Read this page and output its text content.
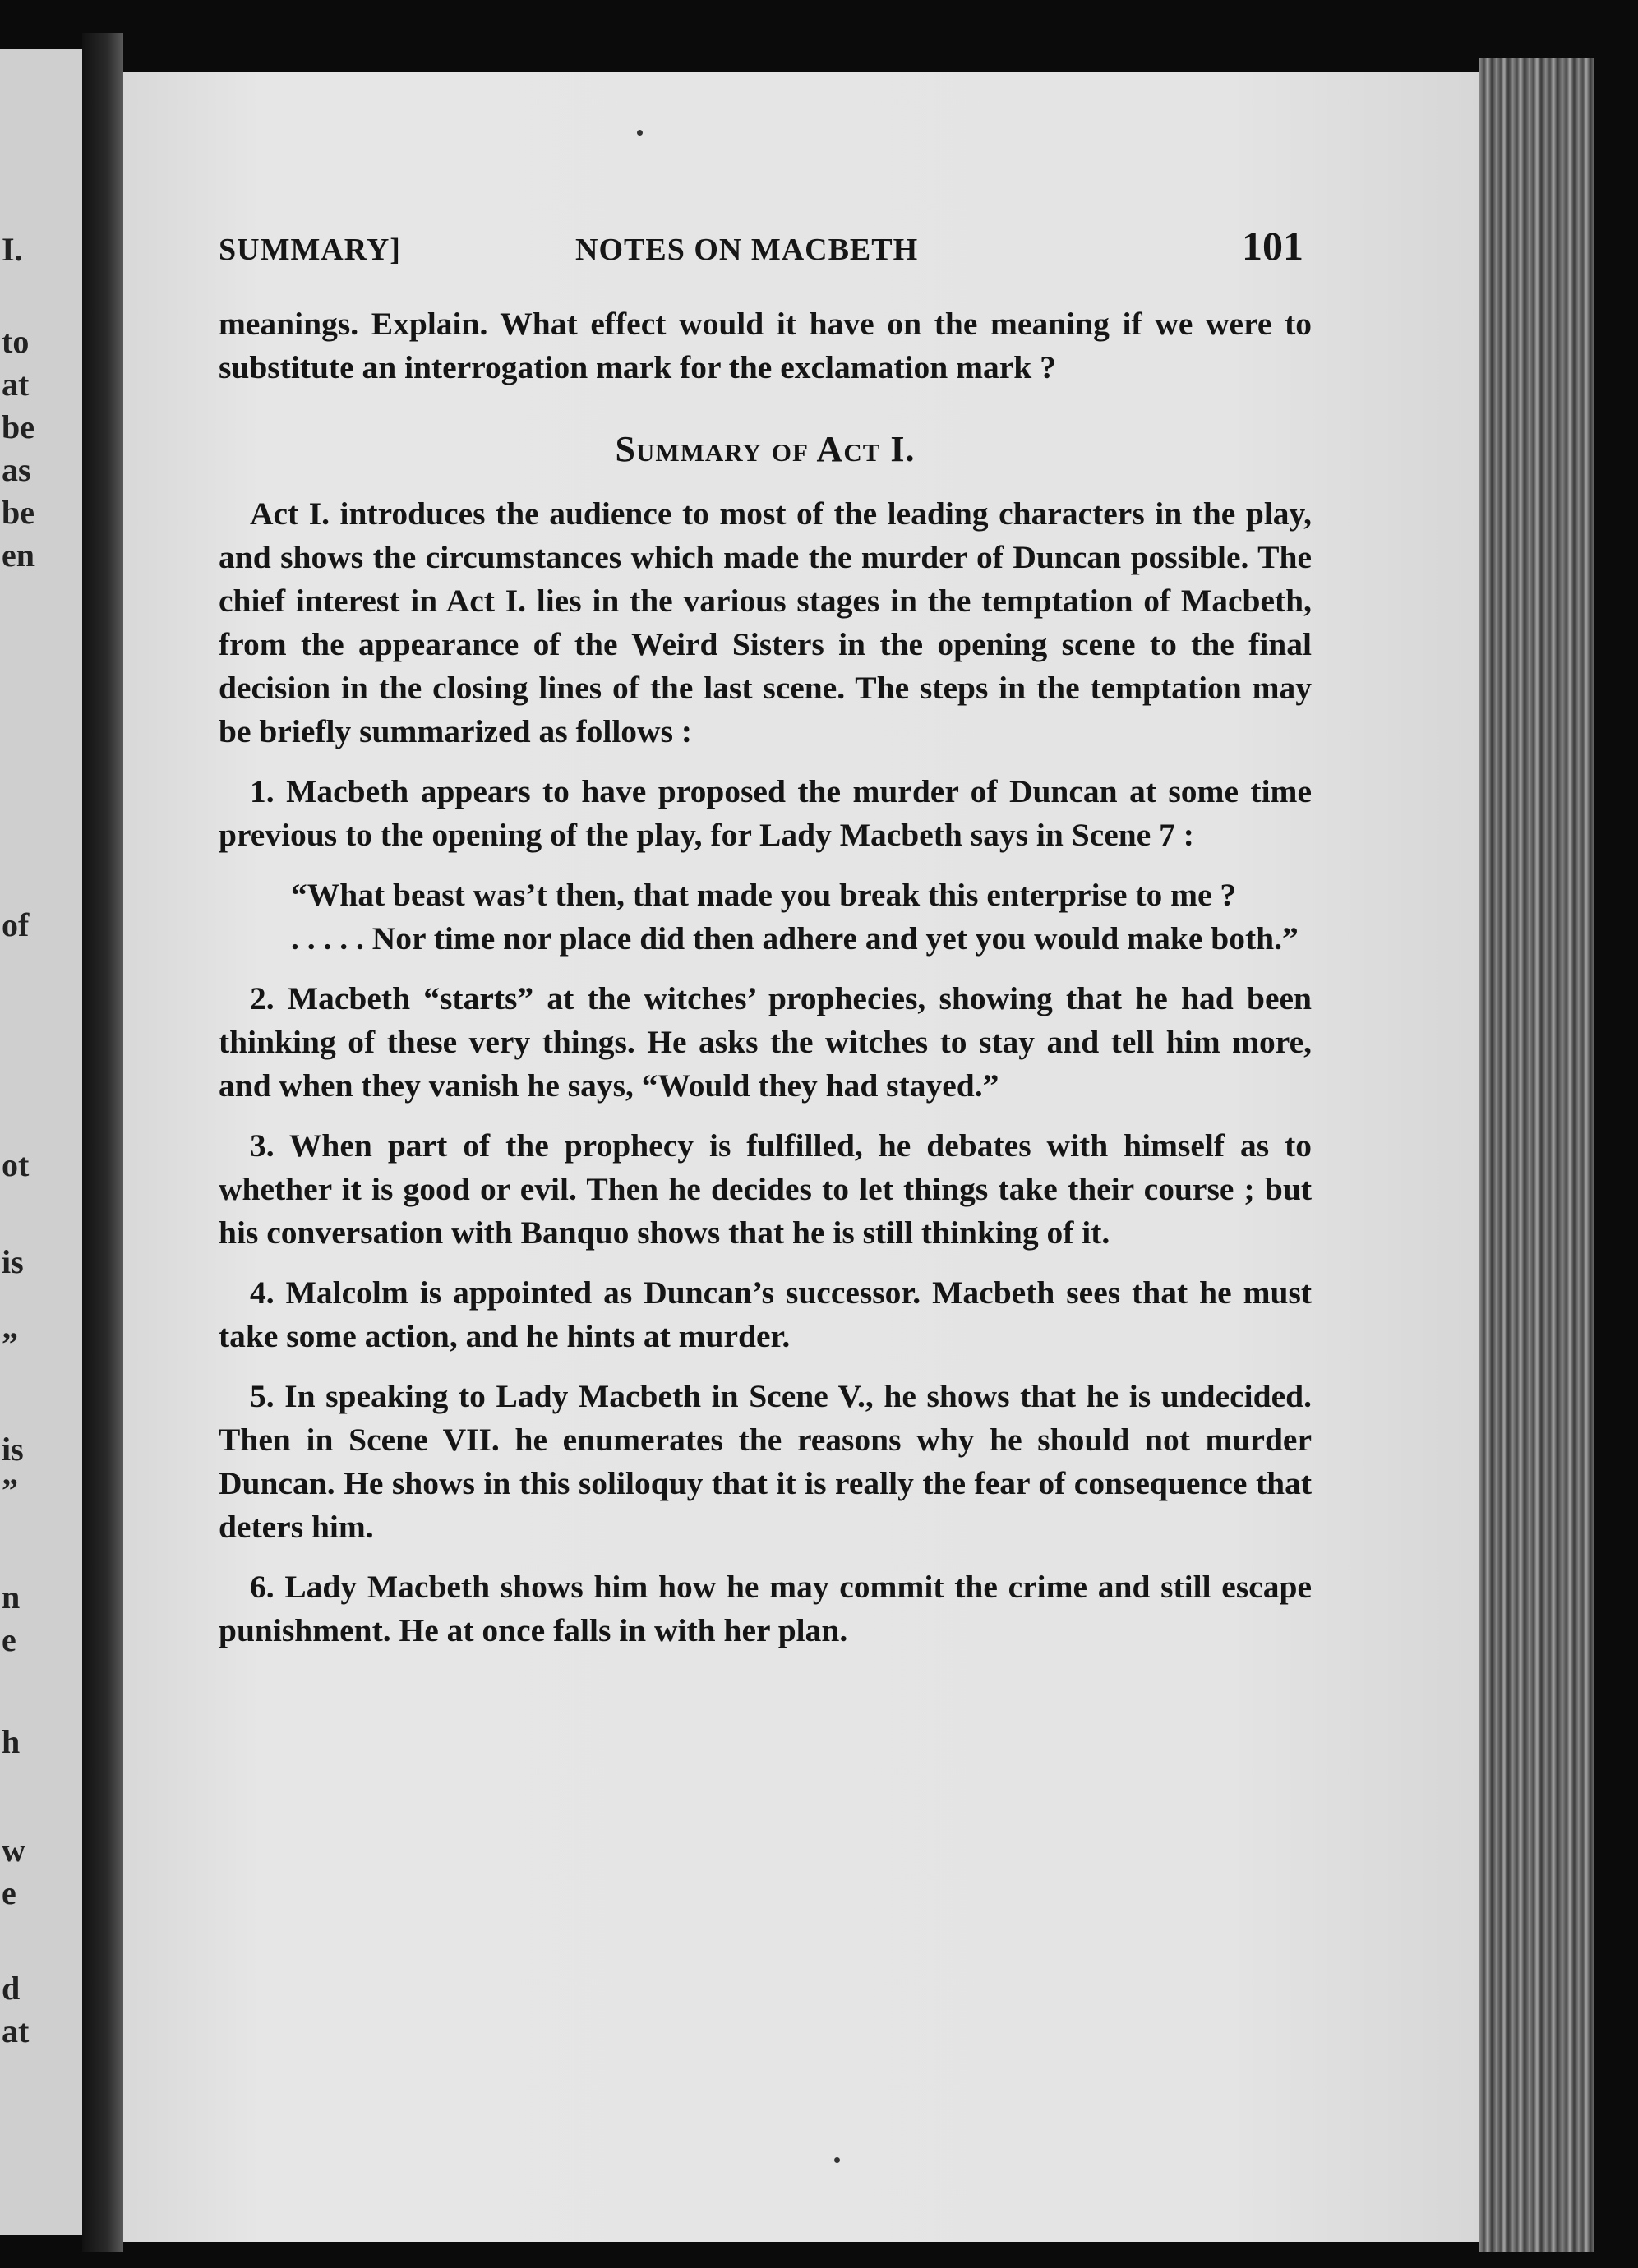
I.
to
at
be
as
be
en
of
ot
is
”
is
”
n
e
h
w
e
d
at
SUMMARY]	NOTES ON MACBETH	101

meanings. Explain. What effect would it have on the meaning if we were to substitute an interrogation mark for the exclamation mark ?

Summary of Act I.

Act I. introduces the audience to most of the leading characters in the play, and shows the circumstances which made the murder of Duncan possible. The chief interest in Act I. lies in the various stages in the temptation of Macbeth, from the appearance of the Weird Sisters in the opening scene to the final decision in the closing lines of the last scene. The steps in the temptation may be briefly summarized as follows :

1. Macbeth appears to have proposed the murder of Duncan at some time previous to the opening of the play, for Lady Macbeth says in Scene 7 :

“What beast was’t then, that made you break this enterprise to me ?

. . . . . Nor time nor place did then adhere and yet you would make both.”

2. Macbeth “starts” at the witches’ prophecies, showing that he had been thinking of these very things. He asks the witches to stay and tell him more, and when they vanish he says, “Would they had stayed.”

3. When part of the prophecy is fulfilled, he debates with himself as to whether it is good or evil. Then he decides to let things take their course ; but his conversation with Banquo shows that he is still thinking of it.

4. Malcolm is appointed as Duncan’s successor. Macbeth sees that he must take some action, and he hints at murder.

5. In speaking to Lady Macbeth in Scene V., he shows that he is undecided. Then in Scene VII. he enumerates the reasons why he should not murder Duncan. He shows in this soliloquy that it is really the fear of consequence that deters him.

6. Lady Macbeth shows him how he may commit the crime and still escape punishment. He at once falls in with her plan.
